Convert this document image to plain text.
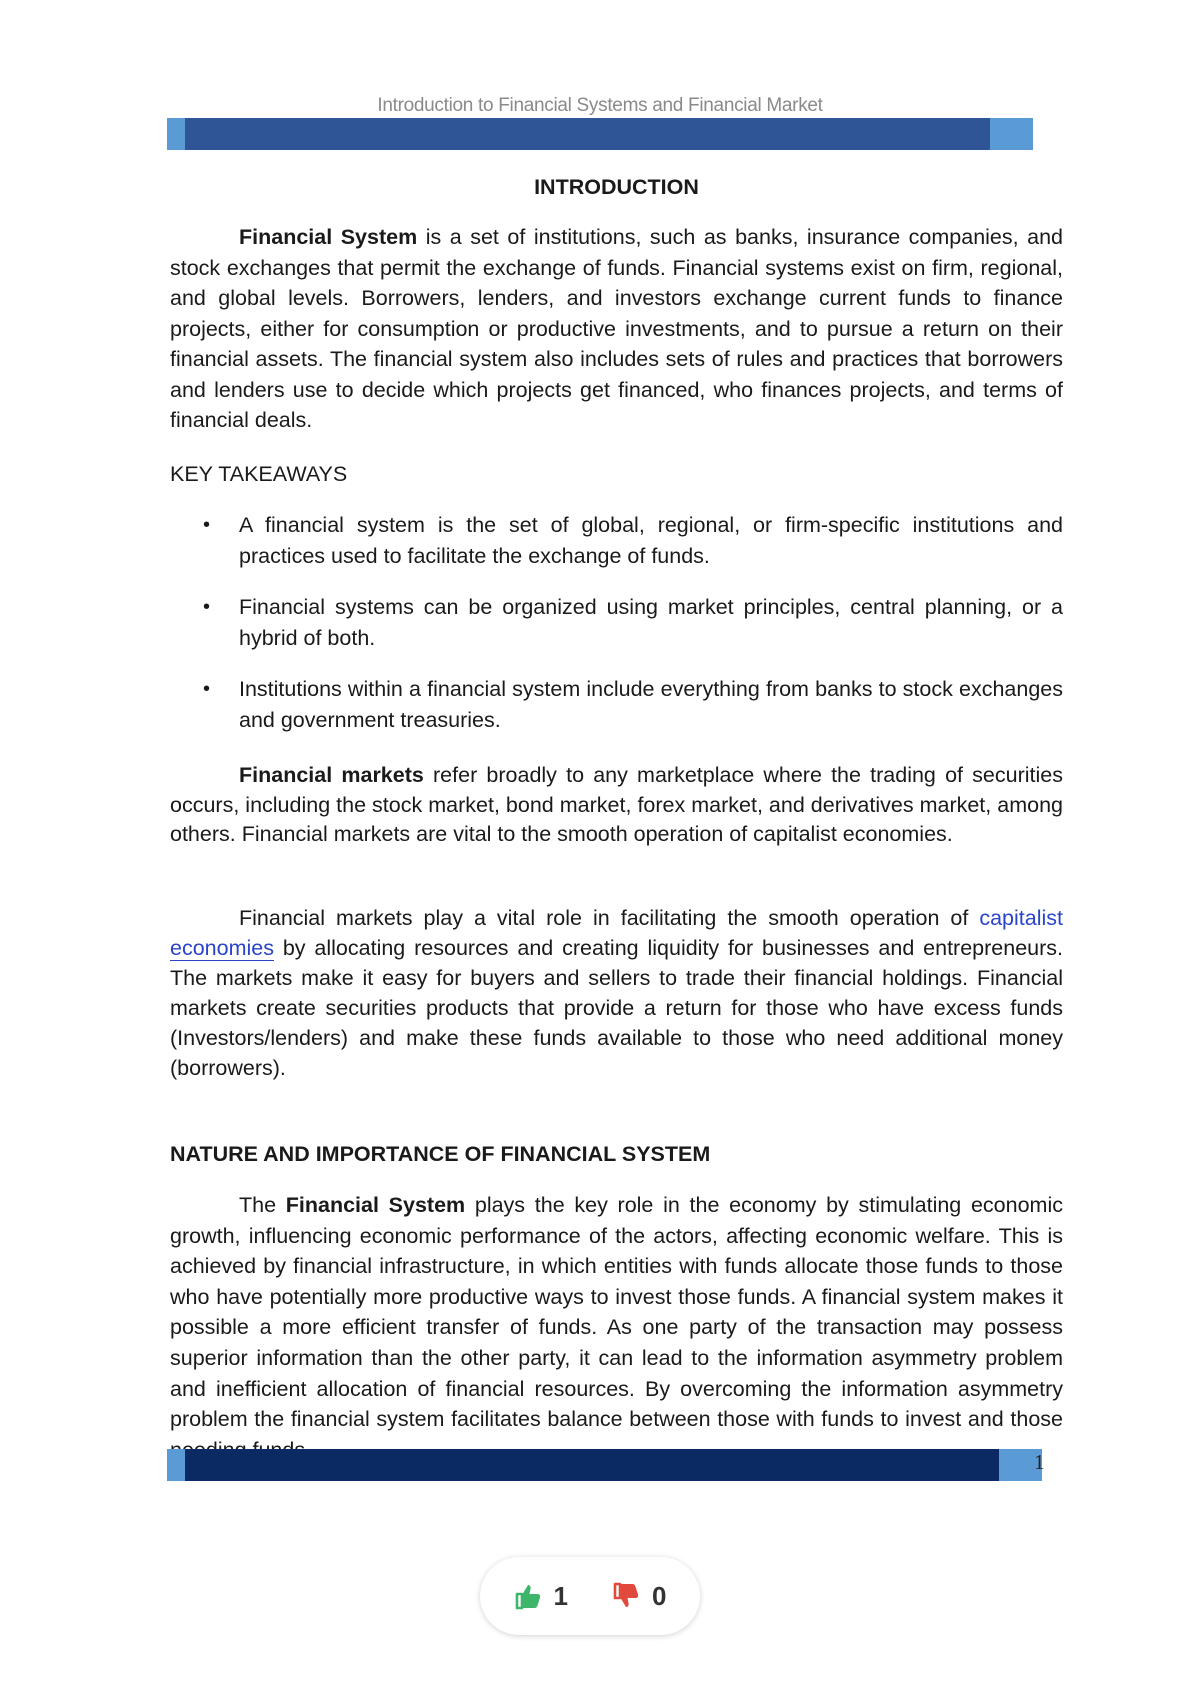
Introduction to Financial Systems and Financial Market
INTRODUCTION

Financial System is a set of institutions, such as banks, insurance companies, and stock exchanges that permit the exchange of funds. Financial systems exist on firm, regional, and global levels. Borrowers, lenders, and investors exchange current funds to finance projects, either for consumption or productive investments, and to pursue a return on their financial assets. The financial system also includes sets of rules and practices that borrowers and lenders use to decide which projects get financed, who finances projects, and terms of financial deals.

KEY TAKEAWAYS
• A financial system is the set of global, regional, or firm-specific institutions and practices used to facilitate the exchange of funds.
• Financial systems can be organized using market principles, central planning, or a hybrid of both.
• Institutions within a financial system include everything from banks to stock exchanges and government treasuries.

Financial markets refer broadly to any marketplace where the trading of securities occurs, including the stock market, bond market, forex market, and derivatives market, among others. Financial markets are vital to the smooth operation of capitalist economies.

Financial markets play a vital role in facilitating the smooth operation of capitalist economies by allocating resources and creating liquidity for businesses and entrepreneurs. The markets make it easy for buyers and sellers to trade their financial holdings. Financial markets create securities products that provide a return for those who have excess funds (Investors/lenders) and make these funds available to those who need additional money (borrowers).

NATURE AND IMPORTANCE OF FINANCIAL SYSTEM

The Financial System plays the key role in the economy by stimulating economic growth, influencing economic performance of the actors, affecting economic welfare. This is achieved by financial infrastructure, in which entities with funds allocate those funds to those who have potentially more productive ways to invest those funds. A financial system makes it possible a more efficient transfer of funds. As one party of the transaction may possess superior information than the other party, it can lead to the information asymmetry problem and inefficient allocation of financial resources. By overcoming the information asymmetry problem the financial system facilitates balance between those with funds to invest and those

1
1	0
